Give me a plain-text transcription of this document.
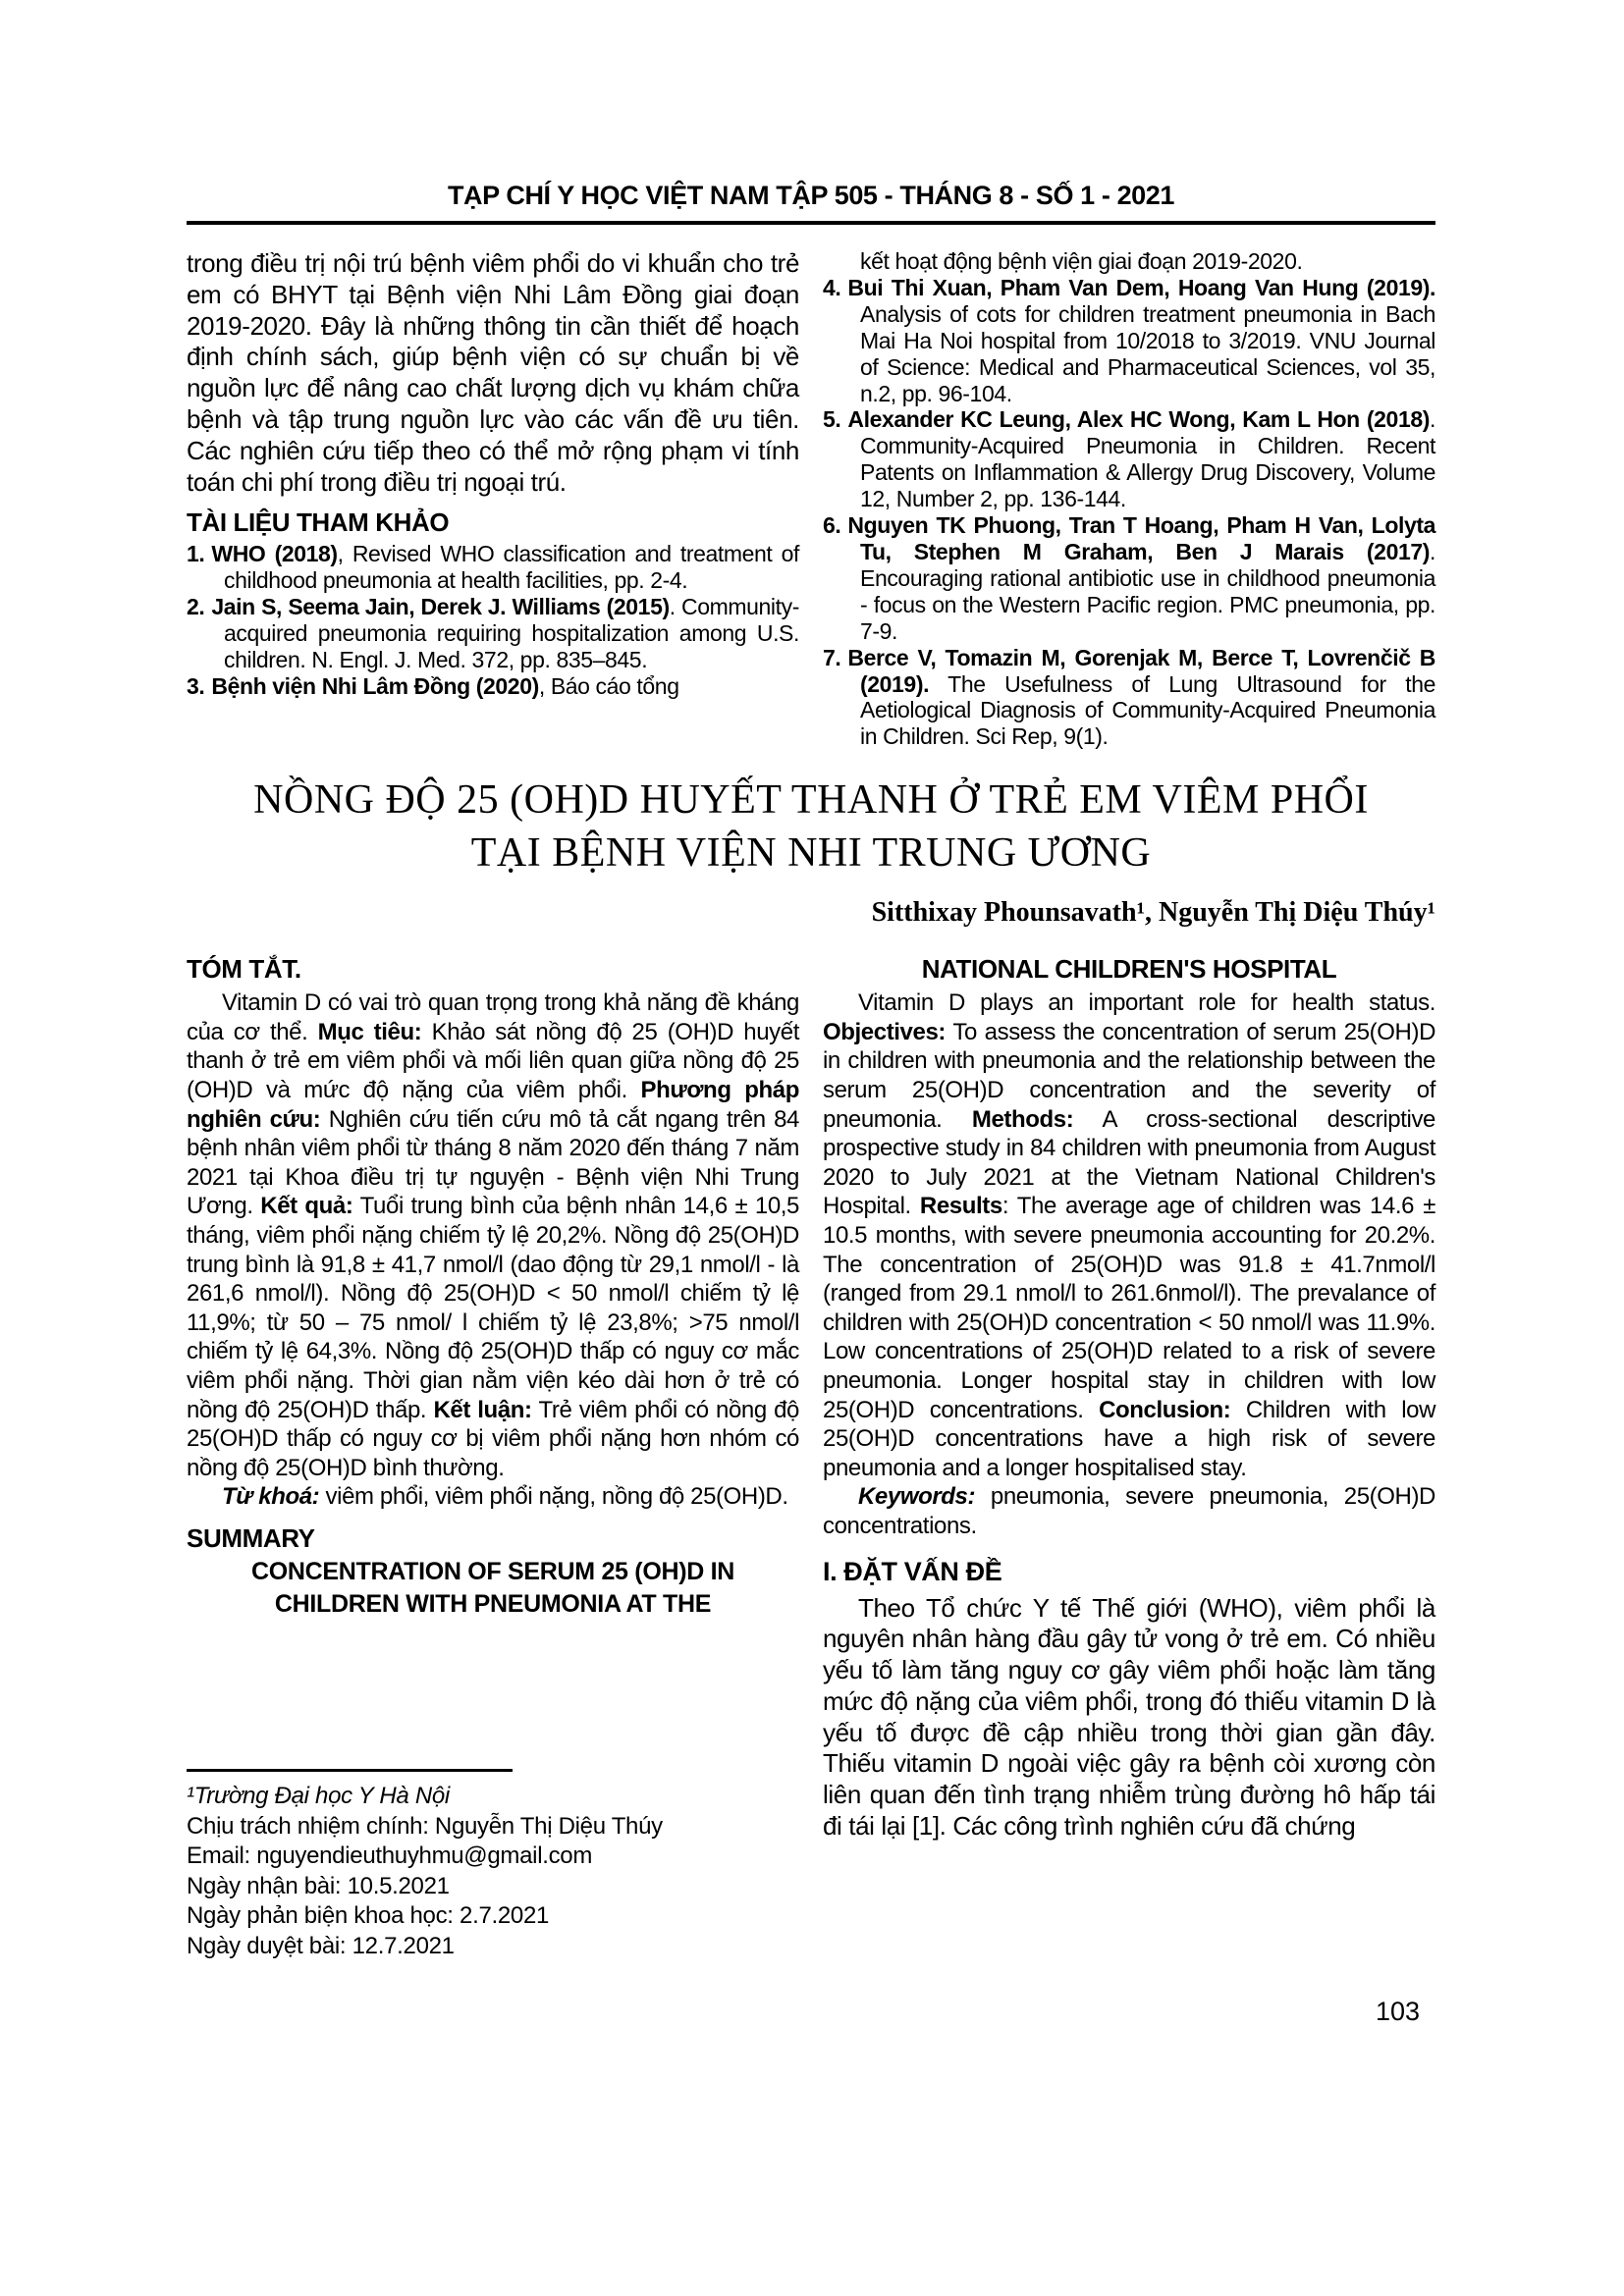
TẠP CHÍ Y HỌC VIỆT NAM TẬP 505 - THÁNG 8 - SỐ 1 - 2021

trong điều trị nội trú bệnh viêm phổi do vi khuẩn cho trẻ em có BHYT tại Bệnh viện Nhi Lâm Đồng giai đoạn 2019-2020. Đây là những thông tin cần thiết để hoạch định chính sách, giúp bệnh viện có sự chuẩn bị về nguồn lực để nâng cao chất lượng dịch vụ khám chữa bệnh và tập trung nguồn lực vào các vấn đề ưu tiên. Các nghiên cứu tiếp theo có thể mở rộng phạm vi tính toán chi phí trong điều trị ngoại trú.

TÀI LIỆU THAM KHẢO

1. WHO (2018), Revised WHO classification and treatment of childhood pneumonia at health facilities, pp. 2-4.

2. Jain S, Seema Jain, Derek J. Williams (2015). Community-acquired pneumonia requiring hospitalization among U.S. children. N. Engl. J. Med. 372, pp. 835–845.

3. Bệnh viện Nhi Lâm Đồng (2020), Báo cáo tổng

kết hoạt động bệnh viện giai đoạn 2019-2020.

4. Bui Thi Xuan, Pham Van Dem, Hoang Van Hung (2019). Analysis of cots for children treatment pneumonia in Bach Mai Ha Noi hospital from 10/2018 to 3/2019. VNU Journal of Science: Medical and Pharmaceutical Sciences, vol 35, n.2, pp. 96-104.

5. Alexander KC Leung, Alex HC Wong, Kam L Hon (2018). Community-Acquired Pneumonia in Children. Recent Patents on Inflammation & Allergy Drug Discovery, Volume 12, Number 2, pp. 136-144.

6. Nguyen TK Phuong, Tran T Hoang, Pham H Van, Lolyta Tu, Stephen M Graham, Ben J Marais (2017). Encouraging rational antibiotic use in childhood pneumonia - focus on the Western Pacific region. PMC pneumonia, pp. 7-9.

7. Berce V, Tomazin M, Gorenjak M, Berce T, Lovrenčič B (2019). The Usefulness of Lung Ultrasound for the Aetiological Diagnosis of Community-Acquired Pneumonia in Children. Sci Rep, 9(1).

NỒNG ĐỘ 25 (OH)D HUYẾT THANH Ở TRẺ EM VIÊM PHỔI
TẠI BỆNH VIỆN NHI TRUNG ƯƠNG
Sitthixay Phounsavath¹, Nguyễn Thị Diệu Thúy¹
TÓM TẮT.

Vitamin D có vai trò quan trọng trong khả năng đề kháng của cơ thể. Mục tiêu: Khảo sát nồng độ 25 (OH)D huyết thanh ở trẻ em viêm phổi và mối liên quan giữa nồng độ 25 (OH)D và mức độ nặng của viêm phổi. Phương pháp nghiên cứu: Nghiên cứu tiến cứu mô tả cắt ngang trên 84 bệnh nhân viêm phổi từ tháng 8 năm 2020 đến tháng 7 năm 2021 tại Khoa điều trị tự nguyện - Bệnh viện Nhi Trung Ương. Kết quả: Tuổi trung bình của bệnh nhân 14,6 ± 10,5 tháng, viêm phổi nặng chiếm tỷ lệ 20,2%. Nồng độ 25(OH)D trung bình là 91,8 ± 41,7 nmol/l (dao động từ 29,1 nmol/l - là 261,6 nmol/l). Nồng độ 25(OH)D < 50 nmol/l chiếm tỷ lệ 11,9%; từ 50 – 75 nmol/ l chiếm tỷ lệ 23,8%; >75 nmol/l chiếm tỷ lệ 64,3%. Nồng độ 25(OH)D thấp có nguy cơ mắc viêm phổi nặng. Thời gian nằm viện kéo dài hơn ở trẻ có nồng độ 25(OH)D thấp. Kết luận: Trẻ viêm phổi có nồng độ 25(OH)D thấp có nguy cơ bị viêm phổi nặng hơn nhóm có nồng độ 25(OH)D bình thường.

Từ khoá: viêm phổi, viêm phổi nặng, nồng độ 25(OH)D.

SUMMARY
CONCENTRATION OF SERUM 25 (OH)D IN CHILDREN WITH PNEUMONIA AT THE
NATIONAL CHILDREN'S HOSPITAL

Vitamin D plays an important role for health status. Objectives: To assess the concentration of serum 25(OH)D in children with pneumonia and the relationship between the serum 25(OH)D concentration and the severity of pneumonia. Methods: A cross-sectional descriptive prospective study in 84 children with pneumonia from August 2020 to July 2021 at the Vietnam National Children's Hospital. Results: The average age of children was 14.6 ± 10.5 months, with severe pneumonia accounting for 20.2%. The concentration of 25(OH)D was 91.8 ± 41.7nmol/l (ranged from 29.1 nmol/l to 261.6nmol/l). The prevalance of children with 25(OH)D concentration < 50 nmol/l was 11.9%. Low concentrations of 25(OH)D related to a risk of severe pneumonia. Longer hospital stay in children with low 25(OH)D concentrations. Conclusion: Children with low 25(OH)D concentrations have a high risk of severe pneumonia and a longer hospitalised stay.

Keywords: pneumonia, severe pneumonia, 25(OH)D concentrations.

I. ĐẶT VẤN ĐỀ

Theo Tổ chức Y tế Thế giới (WHO), viêm phổi là nguyên nhân hàng đầu gây tử vong ở trẻ em. Có nhiều yếu tố làm tăng nguy cơ gây viêm phổi hoặc làm tăng mức độ nặng của viêm phổi, trong đó thiếu vitamin D là yếu tố được đề cập nhiều trong thời gian gần đây. Thiếu vitamin D ngoài việc gây ra bệnh còi xương còn liên quan đến tình trạng nhiễm trùng đường hô hấp tái đi tái lại [1]. Các công trình nghiên cứu đã chứng

¹Trường Đại học Y Hà Nội

Chịu trách nhiệm chính: Nguyễn Thị Diệu Thúy

Email: nguyendieuthuyhmu@gmail.com

Ngày nhận bài: 10.5.2021

Ngày phản biện khoa học: 2.7.2021

Ngày duyệt bài: 12.7.2021

103
